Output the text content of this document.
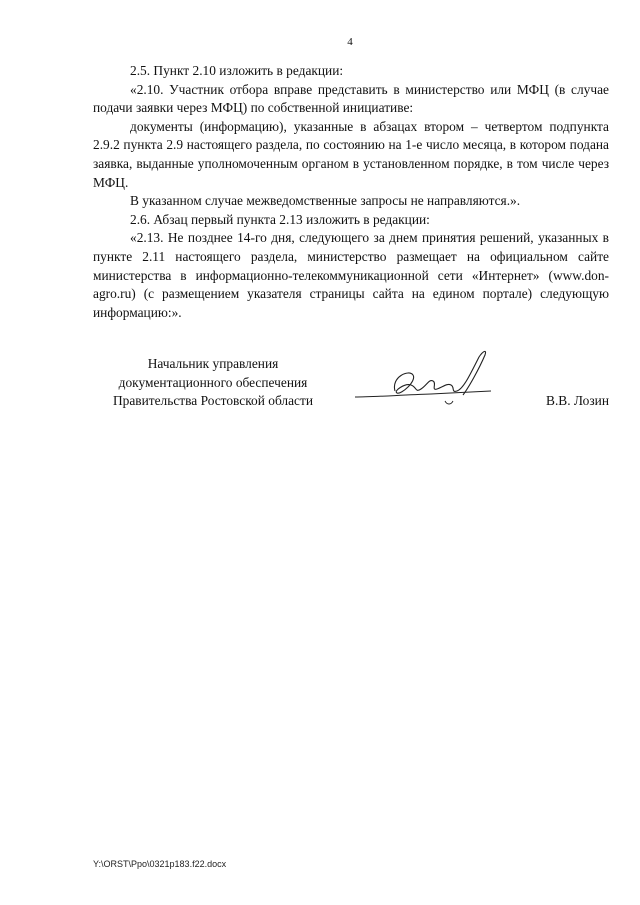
4

2.5. Пункт 2.10 изложить в редакции:

«2.10. Участник отбора вправе представить в министерство или МФЦ (в случае подачи заявки через МФЦ) по собственной инициативе:

документы (информацию), указанные в абзацах втором – четвертом подпункта 2.9.2 пункта 2.9 настоящего раздела, по состоянию на 1-е число месяца, в котором подана заявка, выданные уполномоченным органом в установленном порядке, в том числе через МФЦ.

В указанном случае межведомственные запросы не направляются.».

2.6. Абзац первый пункта 2.13 изложить в редакции:

«2.13. Не позднее 14-го дня, следующего за днем принятия решений, указанных в пункте 2.11 настоящего раздела, министерство размещает на официальном сайте министерства в информационно-телекоммуникационной сети «Интернет» (www.don-agro.ru) (с размещением указателя страницы сайта на едином портале) следующую информацию:».

Начальник управления
документационного обеспечения
Правительства Ростовской области	В.В. Лозин
Y:\ORST\Ppo\0321p183.f22.docx
